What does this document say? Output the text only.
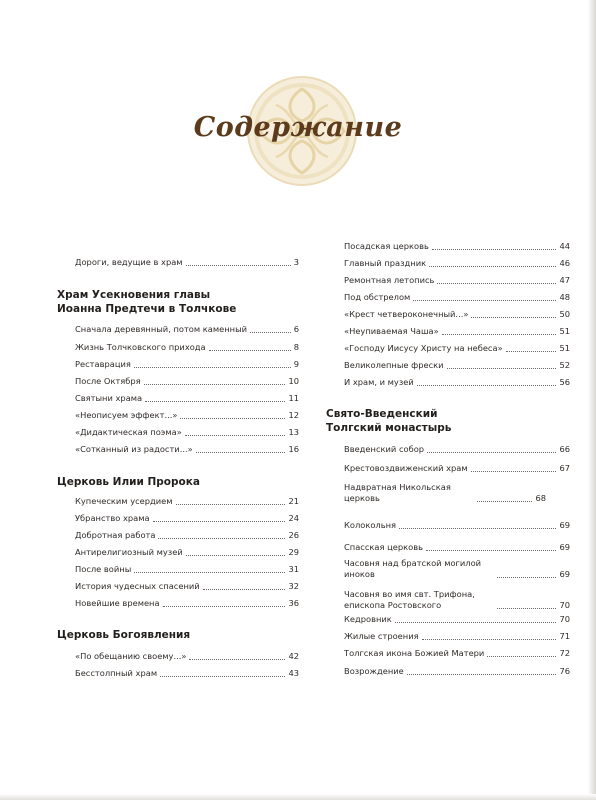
Содержание
Дороги, ведущие в храм	3
Храм Усекновения главы
Иоанна Предтечи в Толчкове
Сначала деревянный, потом каменный	6
Жизнь Толчковского прихода	8
Реставрация	9
После Октября	10
Святыни храма	11
«Неописуем эффект...»	12
«Дидактическая поэма»	13
«Сотканный из радости...»	16
Церковь Илии Пророка
Купеческим усердием	21
Убранство храма	24
Добротная работа	26
Антирелигиозный музей	29
После войны	31
История чудесных спасений	32
Новейшие времена	36
Церковь Богоявления
«По обещанию своему...»	42
Бесстолпный храм	43
Посадская церковь	44
Главный праздник	46
Ремонтная летопись	47
Под обстрелом	48
«Крест четвероконечный...»	50
«Неупиваемая Чаша»	51
«Господу Иисусу Христу на небеса»	51
Великолепные фрески	52
И храм, и музей	56
Свято-Введенский
Толгский монастырь
Введенский собор	66
Крестовоздвиженский храм	67
Надвратная Никольская церковь	68
Колокольня	69
Спасская церковь	69
Часовня над братской могилой иноков	69
Часовня во имя свт. Трифона, епископа Ростовского	70
Кедровник	70
Жилые строения	71
Толгская икона Божией Матери	72
Возрождение	76
